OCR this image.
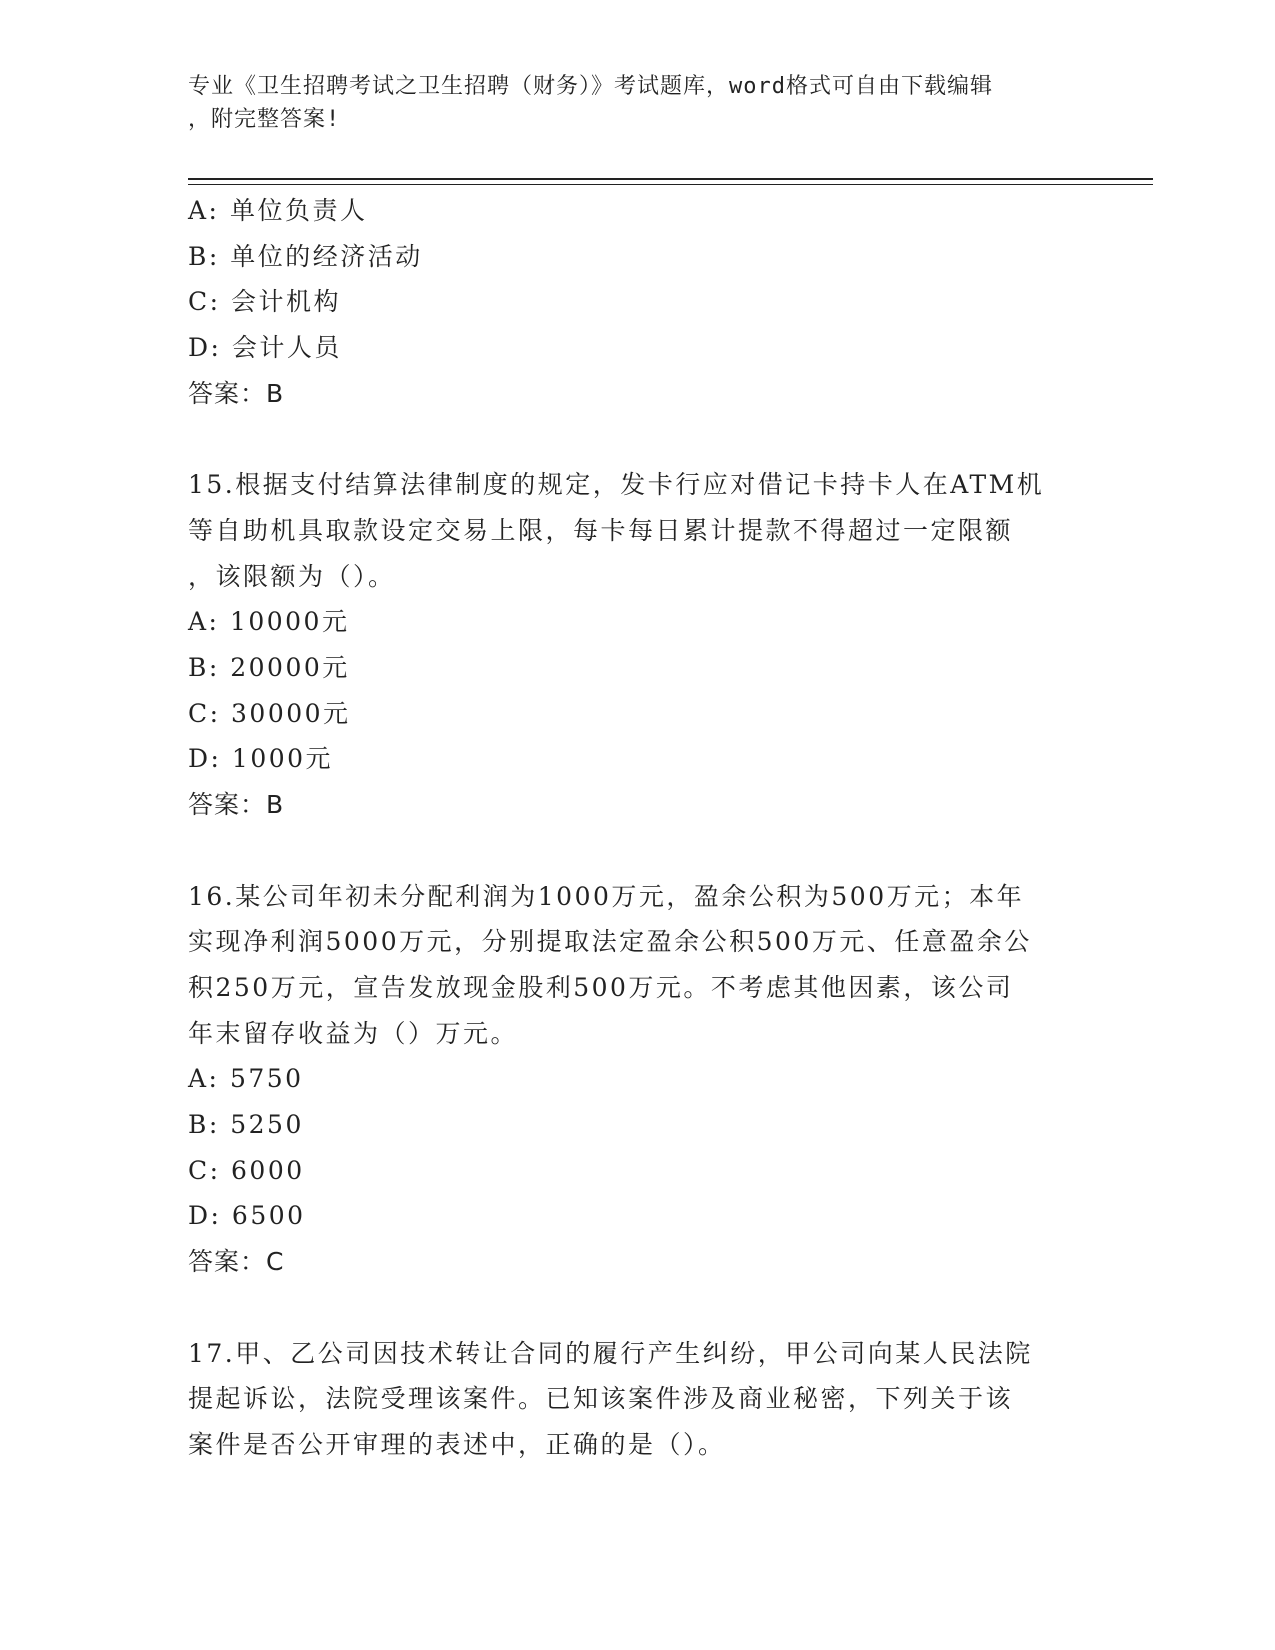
专业《卫生招聘考试之卫生招聘（财务）》考试题库，word格式可自由下载编辑
，附完整答案!

A: 单位负责人

B: 单位的经济活动

C: 会计机构

D: 会计人员

答案：B

15.根据支付结算法律制度的规定，发卡行应对借记卡持卡人在ATM机

等自助机具取款设定交易上限，每卡每日累计提款不得超过一定限额

，该限额为（）。

A: 10000元

B: 20000元

C: 30000元

D: 1000元

答案：B

16.某公司年初未分配利润为1000万元，盈余公积为500万元；本年

实现净利润5000万元，分别提取法定盈余公积500万元、任意盈余公

积250万元，宣告发放现金股利500万元。不考虑其他因素，该公司

年末留存收益为（）万元。

A: 5750

B: 5250

C: 6000

D: 6500

答案：C

17.甲、乙公司因技术转让合同的履行产生纠纷，甲公司向某人民法院

提起诉讼，法院受理该案件。已知该案件涉及商业秘密，下列关于该

案件是否公开审理的表述中，正确的是（）。
